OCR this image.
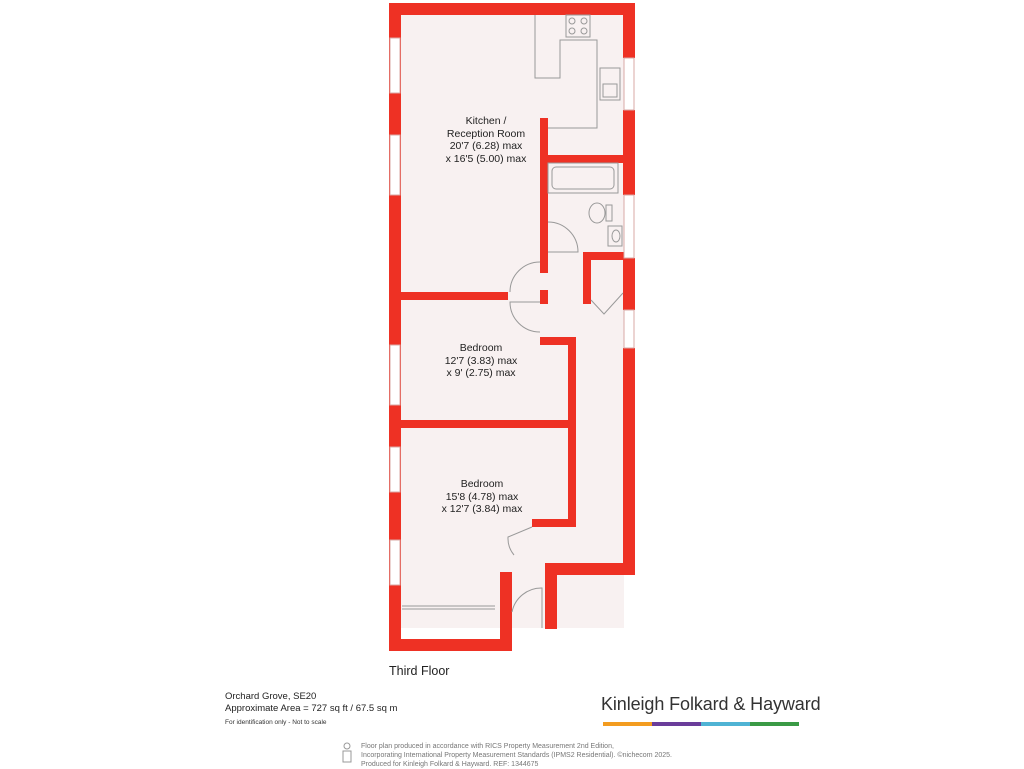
Kitchen /
Reception Room
20'7 (6.28) max
x 16'5 (5.00) max
Bedroom
12'7 (3.83) max
x 9' (2.75) max
Bedroom
15'8 (4.78) max
x 12'7 (3.84) max
Third Floor
Orchard Grove, SE20
Approximate Area = 727 sq ft / 67.5 sq m
For identification only - Not to scale
Kinleigh Folkard & Hayward
Floor plan produced in accordance with RICS Property Measurement 2nd Edition,
Incorporating International Property Measurement Standards (IPMS2 Residential). ©nichecom 2025.
Produced for Kinleigh Folkard & Hayward. REF: 1344675
